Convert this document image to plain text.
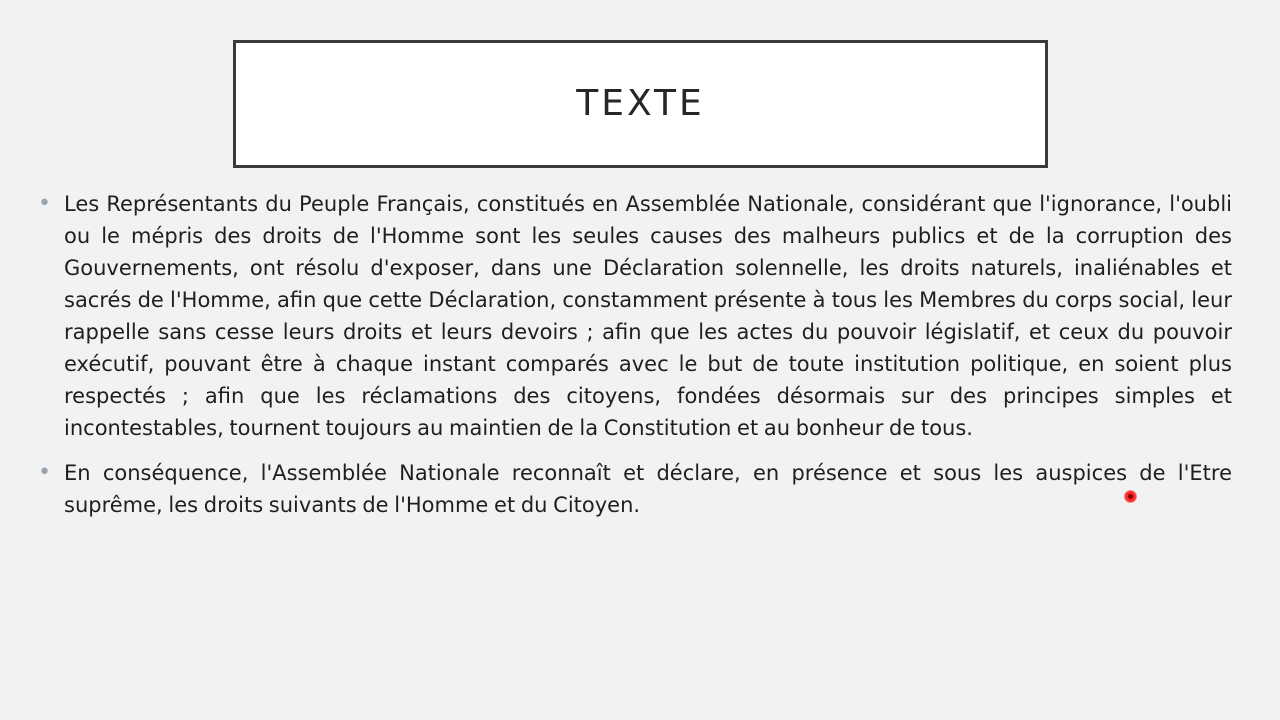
TEXTE
• Les Représentants du Peuple Français, constitués en Assemblée Nationale, considérant que l'ignorance, l'oubli ou le mépris des droits de l'Homme sont les seules causes des malheurs publics et de la corruption des Gouvernements, ont résolu d'exposer, dans une Déclaration solennelle, les droits naturels, inaliénables et sacrés de l'Homme, afin que cette Déclaration, constamment présente à tous les Membres du corps social, leur rappelle sans cesse leurs droits et leurs devoirs ; afin que les actes du pouvoir législatif, et ceux du pouvoir exécutif, pouvant être à chaque instant comparés avec le but de toute institution politique, en soient plus respectés ; afin que les réclamations des citoyens, fondées désormais sur des principes simples et incontestables, tournent toujours au maintien de la Constitution et au bonheur de tous.
• En conséquence, l'Assemblée Nationale reconnaît et déclare, en présence et sous les auspices de l'Etre suprême, les droits suivants de l'Homme et du Citoyen.
